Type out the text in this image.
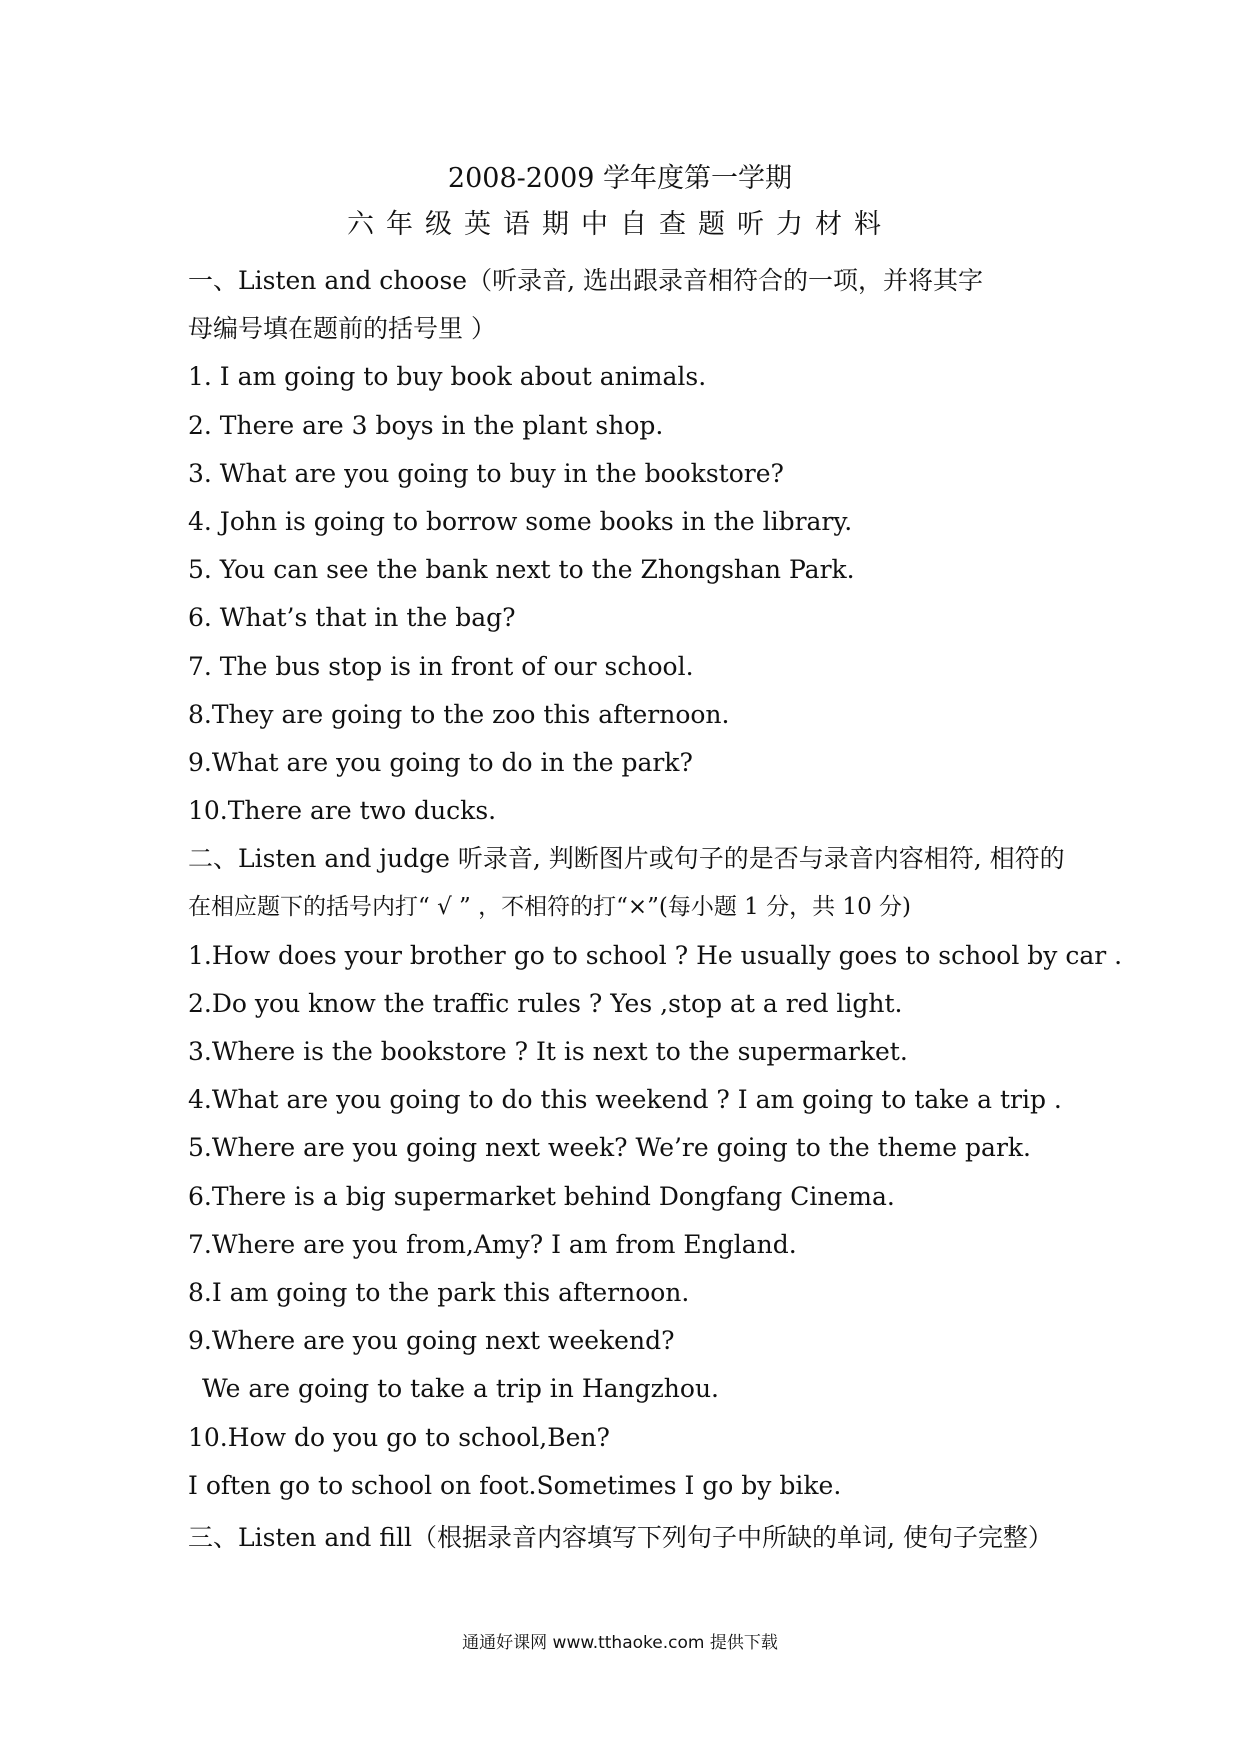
2008-2009 学年度第一学期
六年级英语期中自查题听力材料
一、Listen and choose（听录音, 选出跟录音相符合的一项，并将其字
母编号填在题前的括号里 ）
1. I am going to buy book about animals.
2. There are 3 boys in the plant shop.
3. What are you going to buy in the bookstore?
4. John is going to borrow some books in the library.
5. You can see the bank next to the Zhongshan Park.
6. What’s that in the bag?
7. The bus stop is in front of our school.
8.They are going to the zoo this afternoon.
9.What are you going to do in the park?
10.There are two ducks.
二、Listen and judge 听录音, 判断图片或句子的是否与录音内容相符, 相符的
在相应题下的括号内打“ √ ” ，不相符的打“×”(每小题 1 分，共 10 分)
1.How does your brother go to school ? He usually goes to school by car .
2.Do you know the traffic rules ? Yes ,stop at a red light.
3.Where is the bookstore ? It is next to the supermarket.
4.What are you going to do this weekend ? I am going to take a trip .
5.Where are you going next week? We’re going to the theme park.
6.There is a big supermarket behind Dongfang Cinema.
7.Where are you from,Amy? I am from England.
8.I am going to the park this afternoon.
9.Where are you going next weekend?
We are going to take a trip in Hangzhou.
10.How do you go to school,Ben?
I often go to school on foot.Sometimes I go by bike.
三、Listen and fill（根据录音内容填写下列句子中所缺的单词, 使句子完整）
通通好课网 www.tthaoke.com 提供下载
